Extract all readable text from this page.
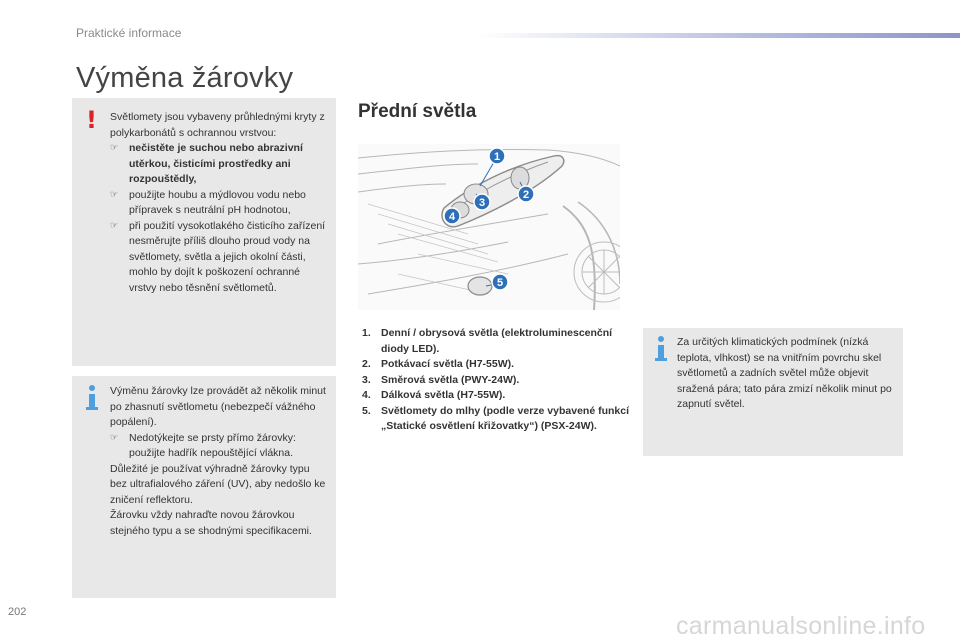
Praktické informace
Výměna žárovky
! Světlomety jsou vybaveny průhlednými kryty z polykarbonátů s ochrannou vrstvou:

☞ nečistěte je suchou nebo abrazivní utěrkou, čisticími prostředky ani rozpouštědly,
☞ použijte houbu a mýdlovou vodu nebo přípravek s neutrální pH hodnotou,
☞ při použití vysokotlakého čisticího zařízení nesměrujte příliš dlouho proud vody na světlomety, světla a jejich okolní části, mohlo by dojít k poškození ochranné vrstvy nebo těsnění světlometů.

Výměnu žárovky lze provádět až několik minut po zhasnutí světlometu (nebezpečí vážného popálení).

☞ Nedotýkejte se prsty přímo žárovky: použijte hadřík nepouštějící vlákna.

Důležité je používat výhradně žárovky typu bez ultrafialového záření (UV), aby nedošlo ke zničení reflektoru.

Žárovku vždy nahraďte novou žárovkou stejného typu a se shodnými specifikacemi.

Přední světla
1
2
3
4
5
1. Denní / obrysová světla (elektroluminescenční diody LED).
2. Potkávací světla (H7-55W).
3. Směrová světla (PWY-24W).
4. Dálková světla (H7-55W).
5. Světlomety do mlhy (podle verze vybavené funkcí „Statické osvětlení křižovatky“) (PSX-24W).

Za určitých klimatických podmínek (nízká teplota, vlhkost) se na vnitřním povrchu skel světlometů a zadních světel může objevit sražená pára; tato pára zmizí několik minut po zapnutí světel.

202	carmanualsonline.info
